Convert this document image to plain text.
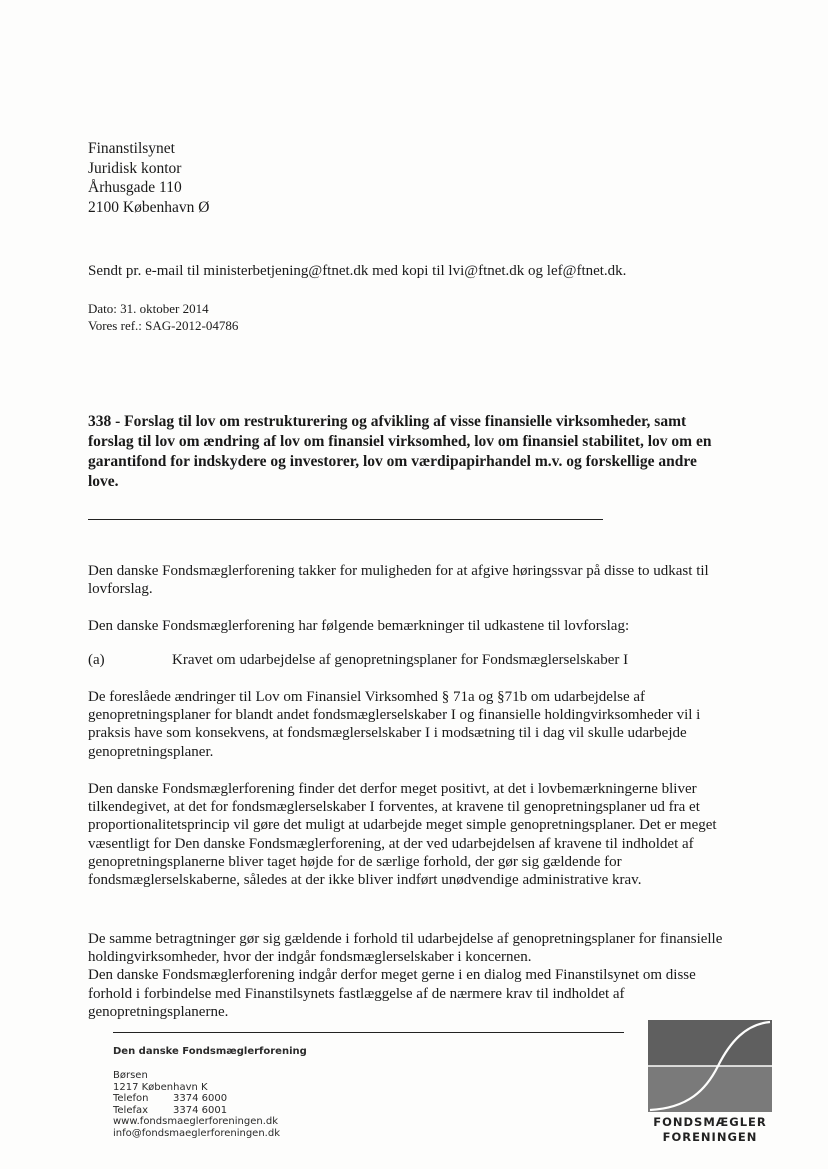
Finanstilsynet
Juridisk kontor
Århusgade 110
2100 København Ø
Sendt pr. e-mail til ministerbetjening@ftnet.dk med kopi til lvi@ftnet.dk og lef@ftnet.dk.
Dato: 31. oktober 2014
Vores ref.: SAG-2012-04786
338 - Forslag til lov om restrukturering og afvikling af visse finansielle virksomheder, samt forslag til lov om ændring af lov om finansiel virksomhed, lov om finansiel stabilitet, lov om en garantifond for indskydere og investorer, lov om værdipapirhandel m.v. og forskellige andre love.
Den danske Fondsmæglerforening takker for muligheden for at afgive høringssvar på disse to udkast til lovforslag.
Den danske Fondsmæglerforening har følgende bemærkninger til udkastene til lovforslag:
(a)	Kravet om udarbejdelse af genopretningsplaner for Fondsmæglerselskaber I
De foreslåede ændringer til Lov om Finansiel Virksomhed § 71a og §71b om udarbejdelse af genopretningsplaner for blandt andet fondsmæglerselskaber I og finansielle holdingvirksomheder vil i praksis have som konsekvens, at fondsmæglerselskaber I i modsætning til i dag vil skulle udarbejde genopretningsplaner.
Den danske Fondsmæglerforening finder det derfor meget positivt, at det i lovbemærkningerne bliver tilkendegivet, at det for fondsmæglerselskaber I forventes, at kravene til genopretningsplaner ud fra et proportionalitetsprincip vil gøre det muligt at udarbejde meget simple genopretningsplaner. Det er meget væsentligt for Den danske Fondsmæglerforening, at der ved udarbejdelsen af kravene til indholdet af genopretningsplanerne bliver taget højde for de særlige forhold, der gør sig gældende for fondsmæglerselskaberne, således at der ikke bliver indført unødvendige administrative krav.
De samme betragtninger gør sig gældende i forhold til udarbejdelse af genopretningsplaner for finansielle holdingvirksomheder, hvor der indgår fondsmæglerselskaber i koncernen.
Den danske Fondsmæglerforening indgår derfor meget gerne i en dialog med Finanstilsynet om disse forhold i forbindelse med Finanstilsynets fastlæggelse af de nærmere krav til indholdet af genopretningsplanerne.
Den danske Fondsmæglerforening
Børsen
1217 København K
Telefon 3374 6000
Telefax 3374 6001
www.fondsmaeglerforeningen.dk
info@fondsmaeglerforeningen.dk
FONDSMÆGLER
FORENINGEN
